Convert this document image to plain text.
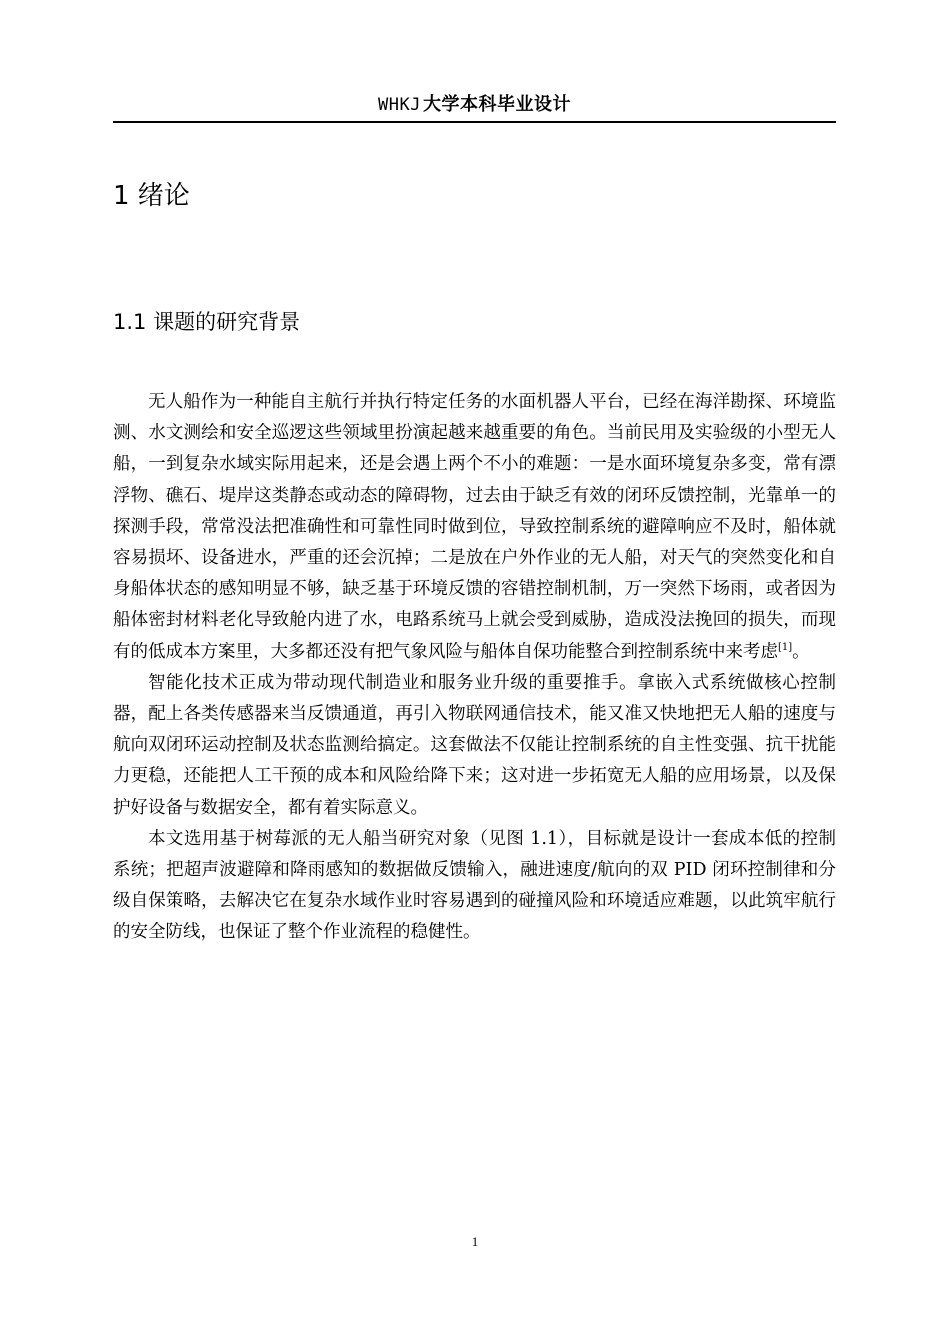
WHKJ 大学本科毕业设计
1 绪论
1.1 课题的研究背景

无人船作为一种能自主航行并执行特定任务的水面机器人平台，已经在海洋勘探、环境监测、水文测绘和安全巡逻这些领域里扮演起越来越重要的角色。当前民用及实验级的小型无人船，一到复杂水域实际用起来，还是会遇上两个不小的难题：一是水面环境复杂多变，常有漂浮物、礁石、堤岸这类静态或动态的障碍物，过去由于缺乏有效的闭环反馈控制，光靠单一的探测手段，常常没法把准确性和可靠性同时做到位，导致控制系统的避障响应不及时，船体就容易损坏、设备进水，严重的还会沉掉；二是放在户外作业的无人船，对天气的突然变化和自身船体状态的感知明显不够，缺乏基于环境反馈的容错控制机制，万一突然下场雨，或者因为船体密封材料老化导致舱内进了水，电路系统马上就会受到威胁，造成没法挽回的损失，而现有的低成本方案里，大多都还没有把气象风险与船体自保功能整合到控制系统中来考虑[1]。

智能化技术正成为带动现代制造业和服务业升级的重要推手。拿嵌入式系统做核心控制器，配上各类传感器来当反馈通道，再引入物联网通信技术，能又准又快地把无人船的速度与航向双闭环运动控制及状态监测给搞定。这套做法不仅能让控制系统的自主性变强、抗干扰能力更稳，还能把人工干预的成本和风险给降下来；这对进一步拓宽无人船的应用场景，以及保护好设备与数据安全，都有着实际意义。

本文选用基于树莓派的无人船当研究对象（见图 1.1），目标就是设计一套成本低的控制系统；把超声波避障和降雨感知的数据做反馈输入，融进速度/航向的双 PID 闭环控制律和分级自保策略，去解决它在复杂水域作业时容易遇到的碰撞风险和环境适应难题，以此筑牢航行的安全防线，也保证了整个作业流程的稳健性。

1
